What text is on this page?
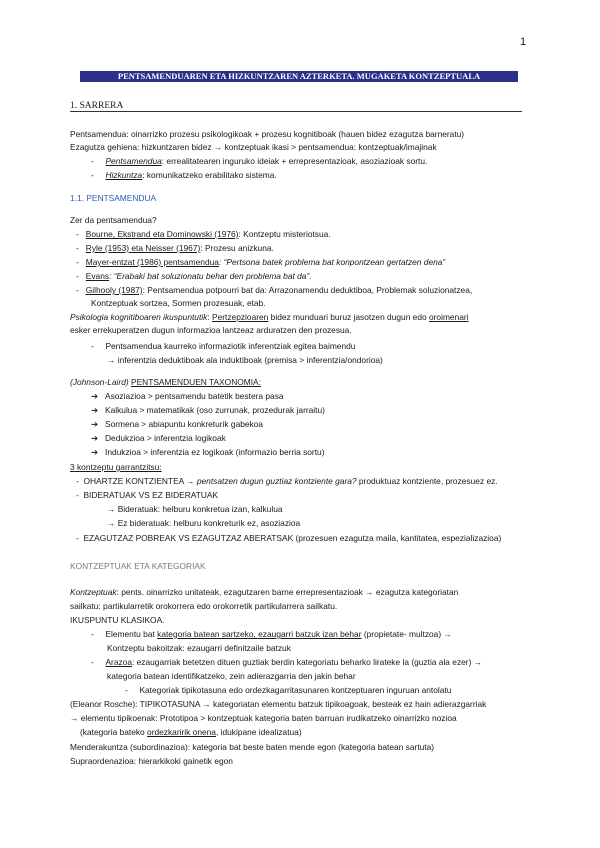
1
PENTSAMENDUAREN ETA HIZKUNTZAREN AZTERKETA. MUGAKETA KONTZEPTUALA
1. SARRERA
Pentsamendua: oinarrizko prozesu psikologikoak + prozesu kognitiboak (hauen bidez ezagutza barneratu)
Ezagutza gehiena: hizkuntzaren bidez → kontzeptuak ikasi > pentsamendua: kontzeptuak/imajinak
-     Pentsamendua: errealitatearen inguruko ideiak + errepresentazioak, asoziazioak sortu.
-     Hizkuntza: komunikatzeko erabilitako sistema.
1.1. PENTSAMENDUA
Zer da pentsamendua?
-   Bourne, Ekstrand eta Dominowski (1976): Kontzeptu misteriotsua.
-   Ryle (1953) eta Neisser (1967): Prozesu anizkuna.
-   Mayer-entzat (1986) pentsamendua: “Pertsona batek problema bat konpontzean gertatzen dena”
-   Evans: “Erabaki bat soluzionatu behar den problema bat da”.
-   Gilhooly (1987): Pentsamendua potpourri bat da: Arrazonamendu deduktiboa, Problemak soluzionatzea,
Kontzeptuak sortzea, Sormen prozesuak, etab.
Psikologia kognitiboaren ikuspuntutik: Pertzepzioaren bidez munduari buruz jasotzen dugun edo oroimenari
esker errekuperatzen dugun informazioa lantzeaz arduratzen den prozesua.
-     Pentsamendua kaurreko informaziotik inferentziak egitea baimendu
→ inferentzia deduktiboak ala induktiboak (premisa > inferentzia/ondorioa)
(Johnson-Laird) PENTSAMENDUEN TAXONOMIA:
➔ Asoziazioa > pentsamendu batetik bestera pasa
➔ Kalkulua > matematikak (oso zurrunak, prozedurak jarraitu)
➔ Sormena > abiapuntu konkreturik gabekoa
➔ Dedukzioa > inferentzia logikoak
➔ Indukzioa > inferentzia ez logikoak (informazio berria sortu)
3 kontzeptu garrantzitsu:
-  OHARTZE KONTZIENTEA → pentsatzen dugun guztiaz kontziente gara? produktuaz kontziente, prozesuez ez.
-  BIDERATUAK VS EZ BIDERATUAK
→ Bideratuak: helburu konkretua izan, kalkulua
→ Ez bideratuak: helburu konkreturik ez, asoziazioa
-  EZAGUTZAZ POBREAK VS EZAGUTZAZ ABERATSAK (prozesuen ezagutza maila, kantitatea, espezializazioa)
KONTZEPTUAK ETA KATEGORIAK
Kontzeptuak: pents. oinarrizko unitateak, ezagutzaren barne errepresentazioak → ezagutza kategoriatan
sailkatu: partikularretik orokorrera edo orokorretik partikularrera sailkatu.
IKUSPUNTU KLASIKOA.
-     Elementu bat kategoria batean sartzeko, ezaugarri batzuk izan behar (propietate- multzoa) →
Kontzeptu bakoitzak: ezaugarri definitzaile batzuk
-     Arazoa: ezaugarriak betetzen dituen guztiak berdin kategoriatu beharko lirateke la (guztia ala ezer) →
kategoria batean identifikatzeko, zein adierazgarria den jakin behar
-     Kategoriak tipikotasuna edo ordezkagarritasunaren kontzeptuaren inguruan antolatu
(Eleanor Rosche): TIPIKOTASUNA → kategoriatan elementu batzuk tipikoagoak, besteak ez hain adierazgarriak
→ elementu tipikoenak: Prototipoa > kontzeptuak kategoria baten barruan irudikatzeko oinarrizko nozioa
(kategoria bateko ordezkaririk onena, idukipane idealizatua)
Menderakuntza (subordinazioa): kategoria bat beste baten mende egon (kategoria batean sartuta)
Supraordenazioa: hierarkikoki gainetik egon
